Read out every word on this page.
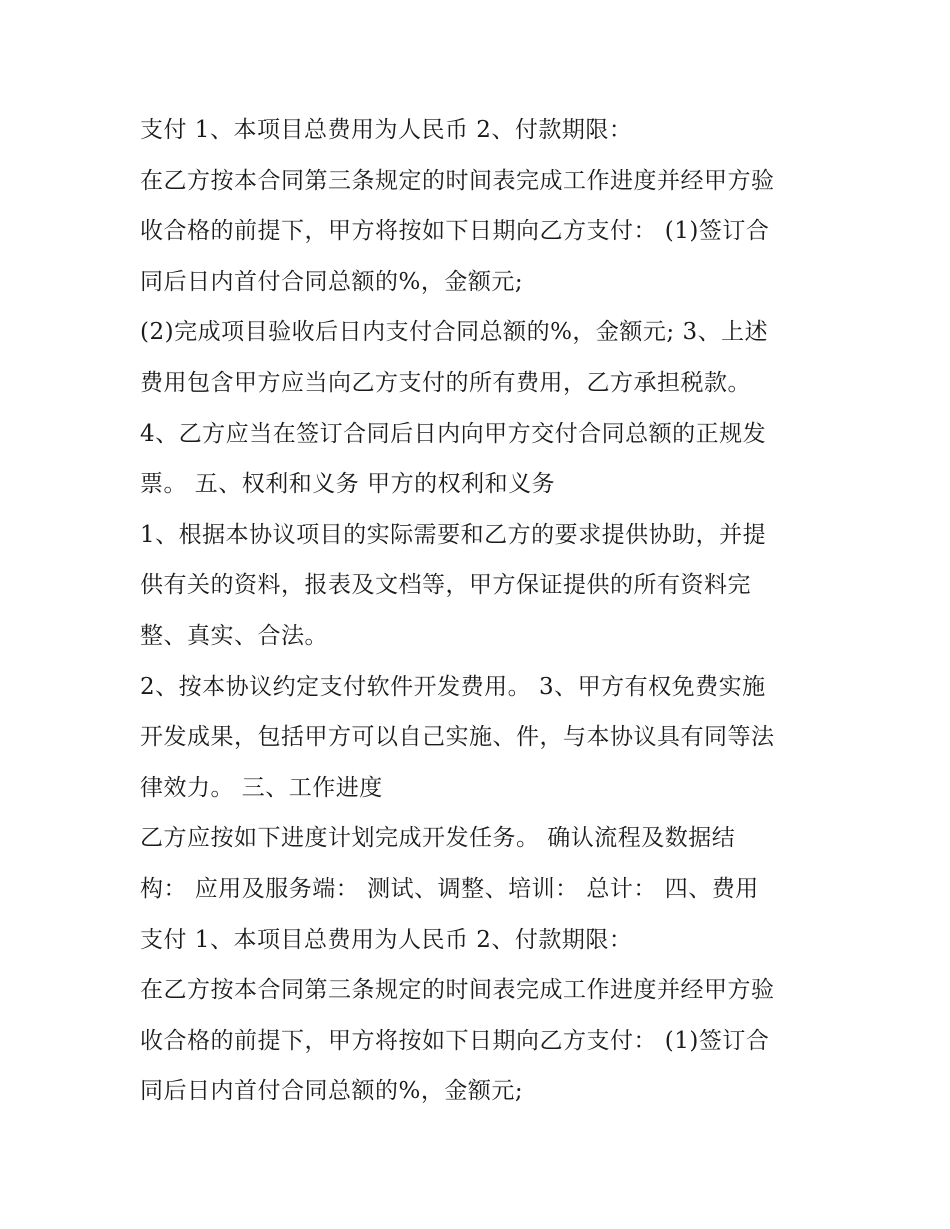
支付 1、本项目总费用为人民币 2、付款期限：
在乙方按本合同第三条规定的时间表完成工作进度并经甲方验
收合格的前提下，甲方将按如下日期向乙方支付： (1)签订合
同后日内首付合同总额的%，金额元;
(2)完成项目验收后日内支付合同总额的%，金额元; 3、上述
费用包含甲方应当向乙方支付的所有费用，乙方承担税款。
4、乙方应当在签订合同后日内向甲方交付合同总额的正规发
票。 五、权利和义务 甲方的权利和义务
1、根据本协议项目的实际需要和乙方的要求提供协助，并提
供有关的资料，报表及文档等，甲方保证提供的所有资料完
整、真实、合法。
2、按本协议约定支付软件开发费用。 3、甲方有权免费实施
开发成果，包括甲方可以自己实施、件，与本协议具有同等法
律效力。 三、工作进度
乙方应按如下进度计划完成开发任务。 确认流程及数据结
构： 应用及服务端： 测试、调整、培训： 总计： 四、费用
支付 1、本项目总费用为人民币 2、付款期限：
在乙方按本合同第三条规定的时间表完成工作进度并经甲方验
收合格的前提下，甲方将按如下日期向乙方支付： (1)签订合
同后日内首付合同总额的%，金额元;
